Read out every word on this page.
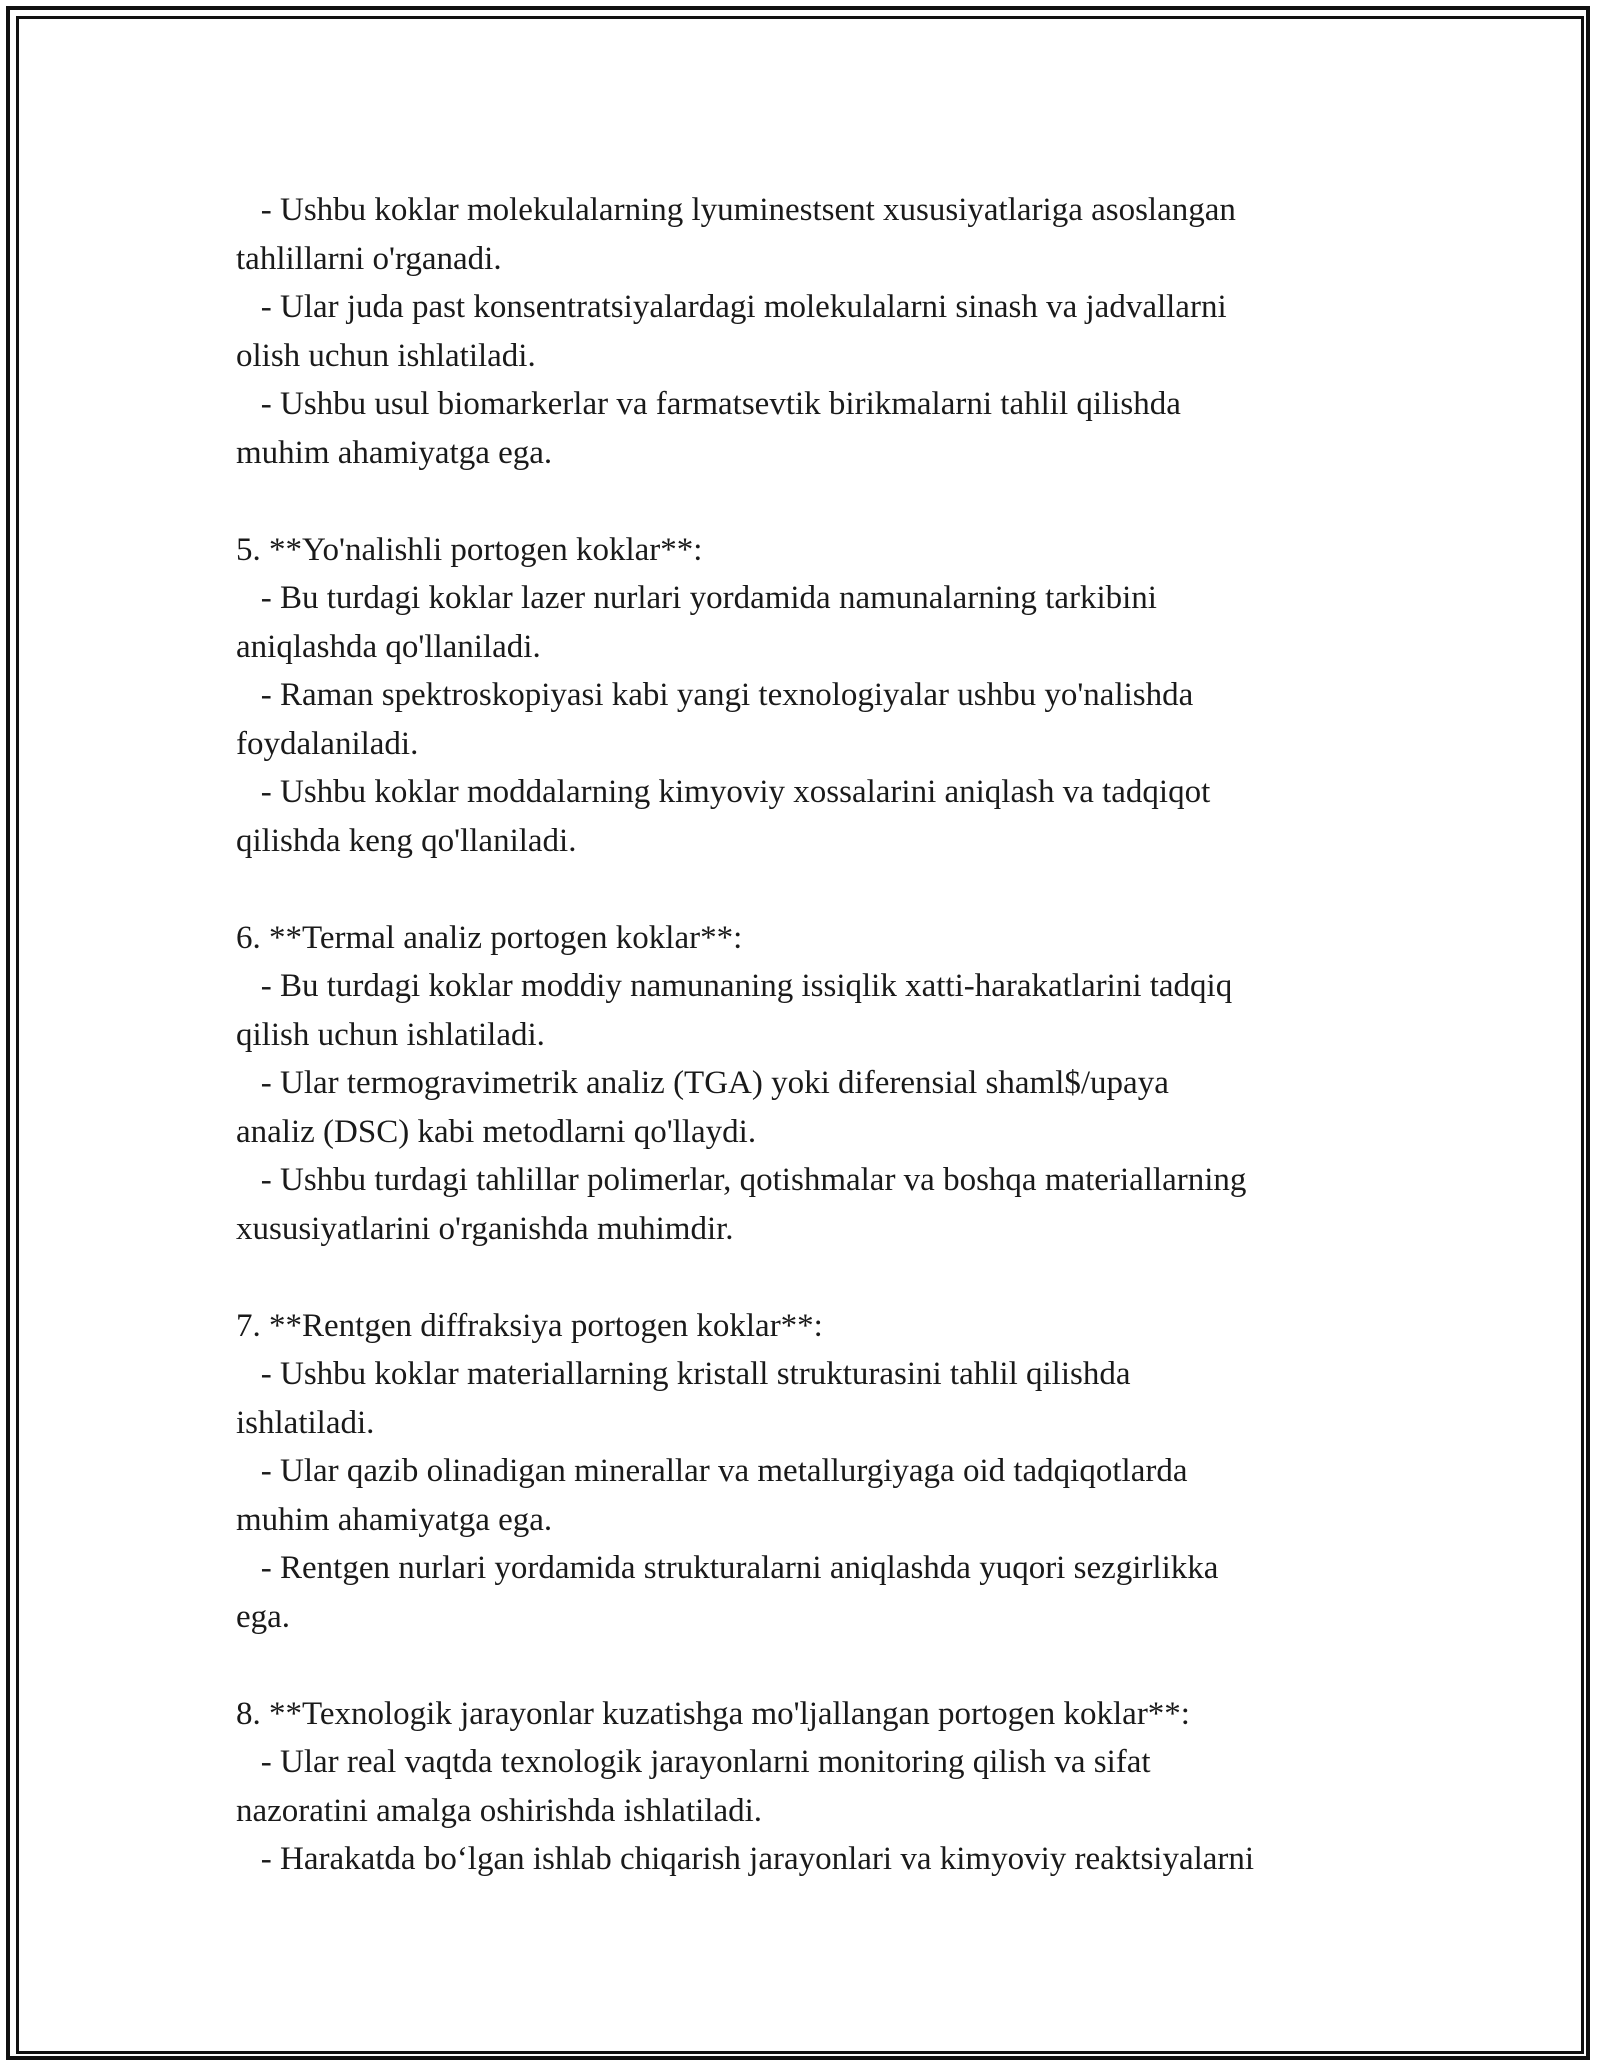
- Ushbu koklar molekulalarning lyuminestsent xususiyatlariga asoslangan
tahlillarni o'rganadi.
- Ular juda past konsentratsiyalardagi molekulalarni sinash va jadvallarni
olish uchun ishlatiladi.
- Ushbu usul biomarkerlar va farmatsevtik birikmalarni tahlil qilishda
muhim ahamiyatga ega.
5. **Yo'nalishli portogen koklar**:
- Bu turdagi koklar lazer nurlari yordamida namunalarning tarkibini
aniqlashda qo'llaniladi.
- Raman spektroskopiyasi kabi yangi texnologiyalar ushbu yo'nalishda
foydalaniladi.
- Ushbu koklar moddalarning kimyoviy xossalarini aniqlash va tadqiqot
qilishda keng qo'llaniladi.
6. **Termal analiz portogen koklar**:
- Bu turdagi koklar moddiy namunaning issiqlik xatti-harakatlarini tadqiq
qilish uchun ishlatiladi.
- Ular termogravimetrik analiz (TGA) yoki diferensial shaml$/upaya
analiz (DSC) kabi metodlarni qo'llaydi.
- Ushbu turdagi tahlillar polimerlar, qotishmalar va boshqa materiallarning
xususiyatlarini o'rganishda muhimdir.
7. **Rentgen diffraksiya portogen koklar**:
- Ushbu koklar materiallarning kristall strukturasini tahlil qilishda
ishlatiladi.
- Ular qazib olinadigan minerallar va metallurgiyaga oid tadqiqotlarda
muhim ahamiyatga ega.
- Rentgen nurlari yordamida strukturalarni aniqlashda yuqori sezgirlikka
ega.
8. **Texnologik jarayonlar kuzatishga mo'ljallangan portogen koklar**:
- Ular real vaqtda texnologik jarayonlarni monitoring qilish va sifat
nazoratini amalga oshirishda ishlatiladi.
- Harakatda bo‘lgan ishlab chiqarish jarayonlari va kimyoviy reaktsiyalarni
